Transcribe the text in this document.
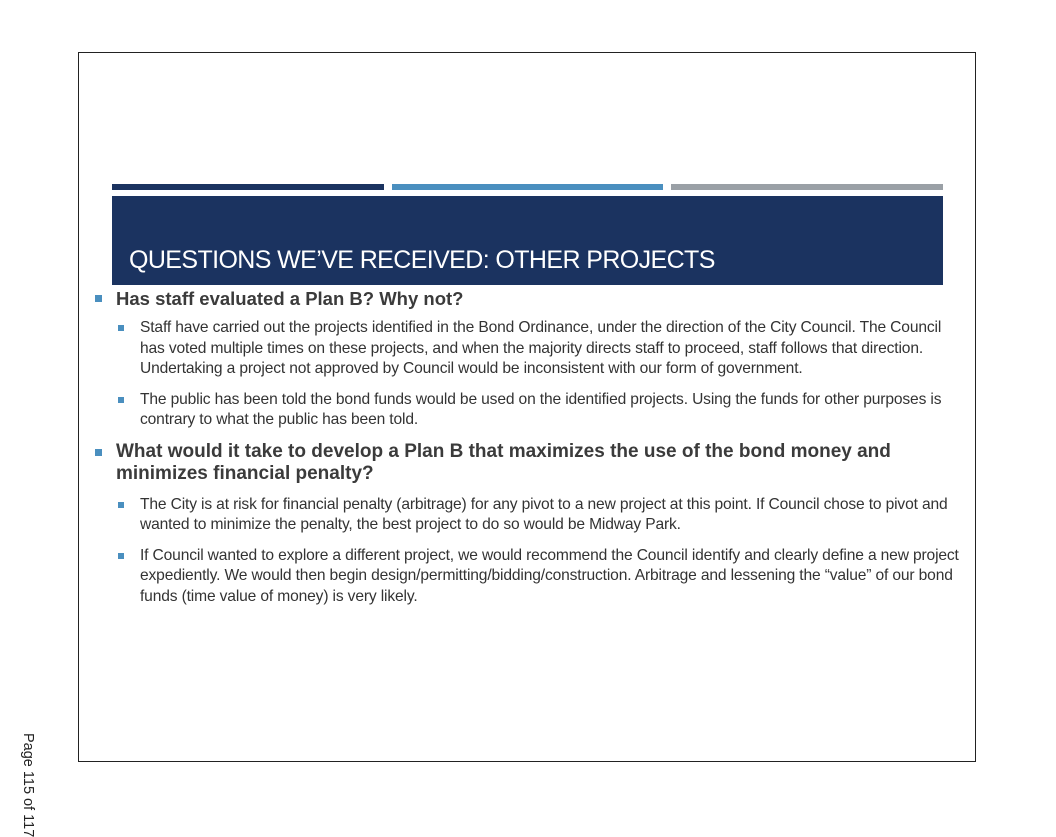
QUESTIONS WE’VE RECEIVED: OTHER PROJECTS
Has staff evaluated a Plan B? Why not?
Staff have carried out the projects identified in the Bond Ordinance, under the direction of the City Council. The Council has voted multiple times on these projects, and when the majority directs staff to proceed, staff follows that direction. Undertaking a project not approved by Council would be inconsistent with our form of government.
The public has been told the bond funds would be used on the identified projects. Using the funds for other purposes is contrary to what the public has been told.
What would it take to develop a Plan B that maximizes the use of the bond money and minimizes financial penalty?
The City is at risk for financial penalty (arbitrage) for any pivot to a new project at this point. If Council chose to pivot and wanted to minimize the penalty, the best project to do so would be Midway Park.
If Council wanted to explore a different project, we would recommend the Council identify and clearly define a new project expediently. We would then begin design/permitting/bidding/construction. Arbitrage and lessening the “value” of our bond funds (time value of money) is very likely.
Page 115 of 117
